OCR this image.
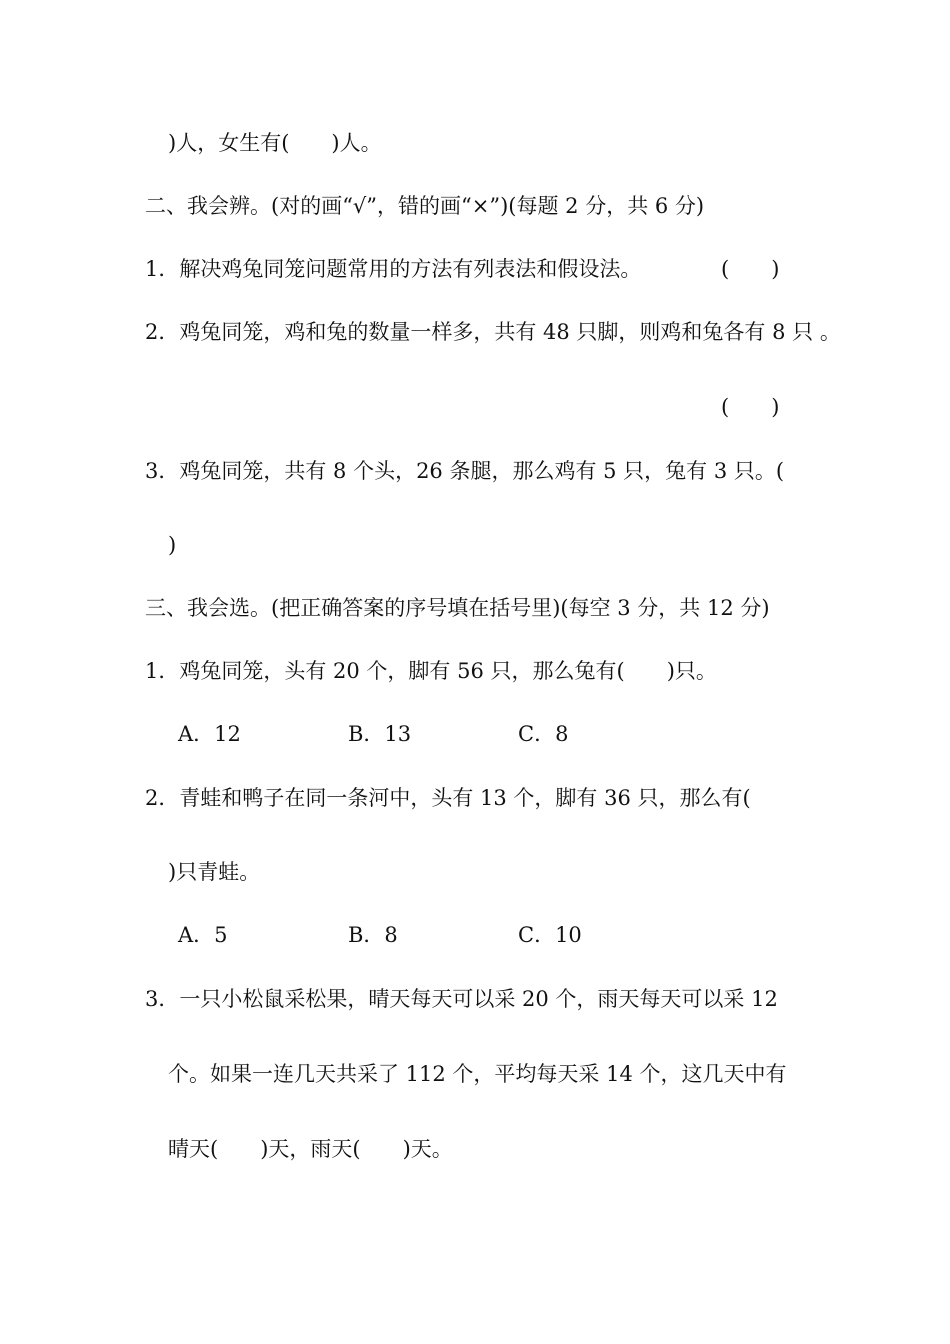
)人，女生有(　　)人。

二、我会辨。(对的画“√”，错的画“×”)(每题 2 分，共 6 分)

1．解决鸡兔同笼问题常用的方法有列表法和假设法。	(　　)

2．鸡兔同笼，鸡和兔的数量一样多，共有 48 只脚，则鸡和兔各有 8 只 。

(　　)

3．鸡兔同笼，共有 8 个头，26 条腿，那么鸡有 5 只，兔有 3 只。(

)

三、我会选。(把正确答案的序号填在括号里)(每空 3 分，共 12 分)

1．鸡兔同笼，头有 20 个，脚有 56 只，那么兔有(　　)只。

A．12	B．13	C．8

2．青蛙和鸭子在同一条河中，头有 13 个，脚有 36 只，那么有(

)只青蛙。

A．5	B．8	C．10

3．一只小松鼠采松果，晴天每天可以采 20 个，雨天每天可以采 12

个。如果一连几天共采了 112 个，平均每天采 14 个，这几天中有

晴天(　　)天，雨天(　　)天。
